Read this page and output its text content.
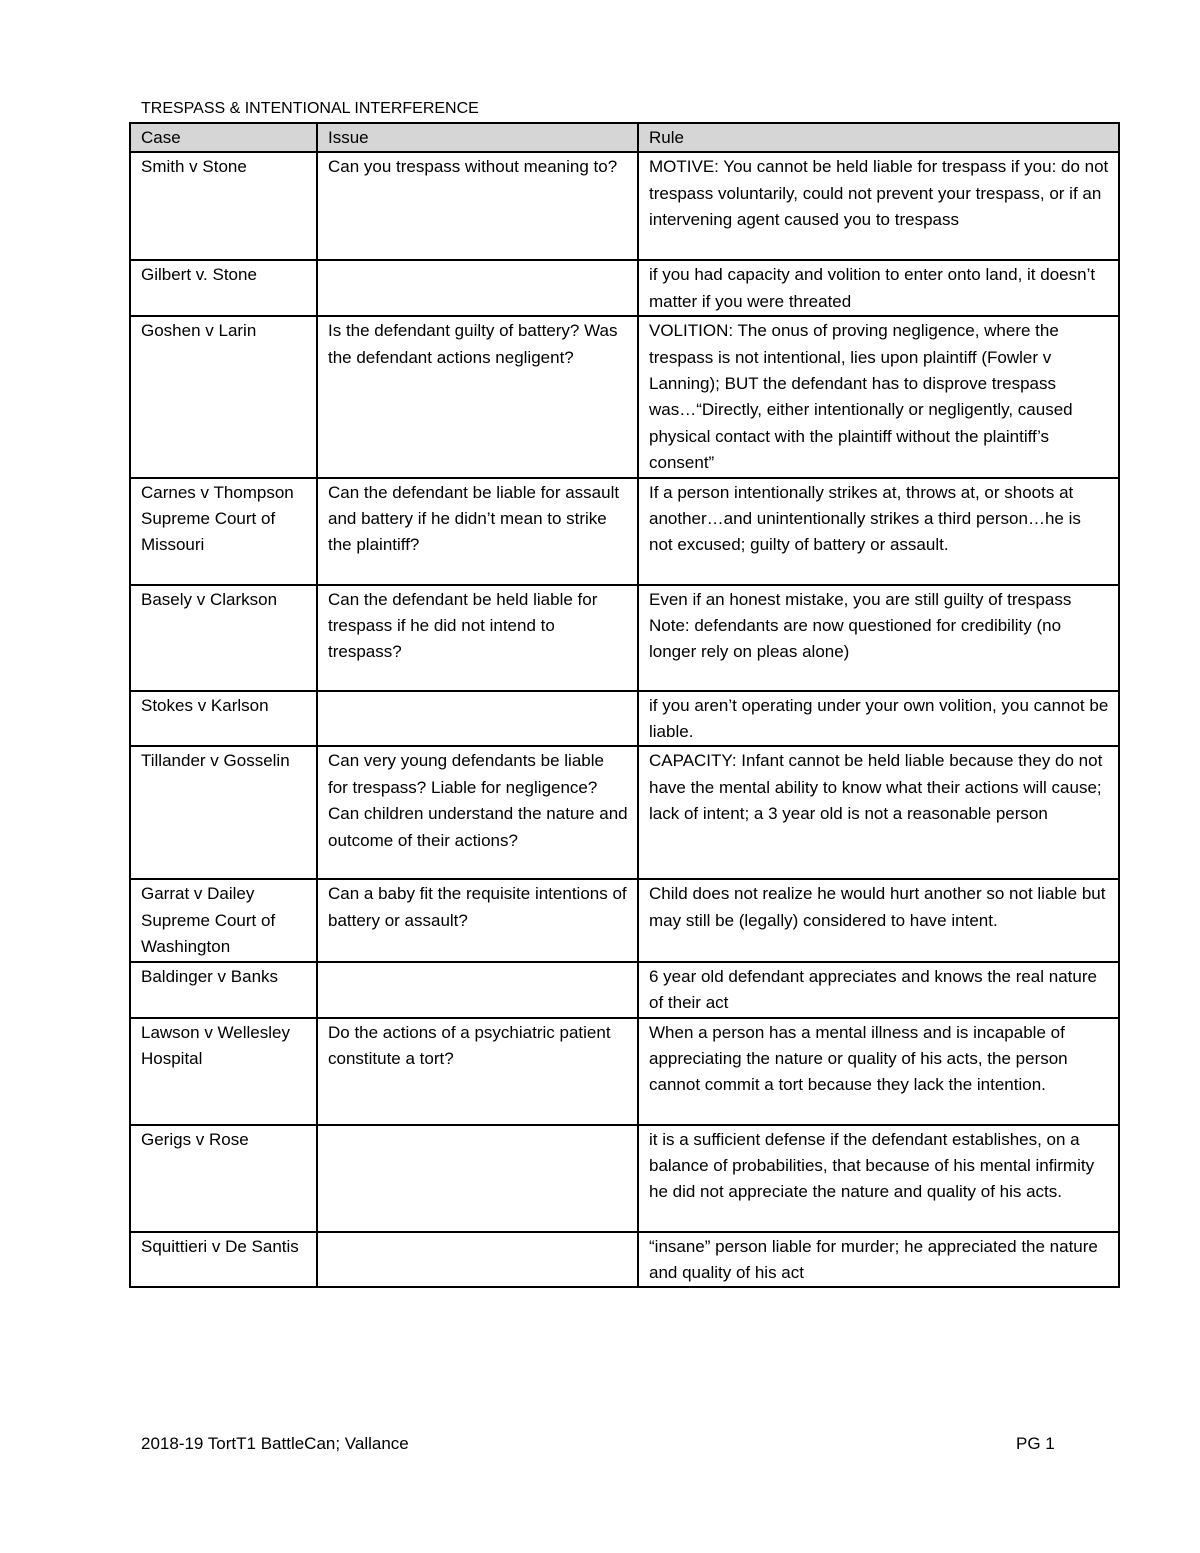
TRESPASS & INTENTIONAL INTERFERENCE
Case	Issue	Rule

Smith v Stone	Can you trespass without meaning to?	MOTIVE: You cannot be held liable for trespass if you: do not trespass voluntarily, could not prevent your trespass, or if an intervening agent caused you to trespass

Gilbert v. Stone		if you had capacity and volition to enter onto land, it doesn’t matter if you were threated

Goshen v Larin	Is the defendant guilty of battery? Was the defendant actions negligent?	VOLITION: The onus of proving negligence, where the trespass is not intentional, lies upon plaintiff (Fowler v Lanning); BUT the defendant has to disprove trespass was…“Directly, either intentionally or negligently, caused physical contact with the plaintiff without the plaintiff’s consent”

Carnes v Thompson Supreme Court of Missouri	Can the defendant be liable for assault and battery if he didn’t mean to strike the plaintiff?	If a person intentionally strikes at, throws at, or shoots at another…and unintentionally strikes a third person…he is not excused; guilty of battery or assault.

Basely v Clarkson	Can the defendant be held liable for trespass if he did not intend to trespass?	Even if an honest mistake, you are still guilty of trespass
Note: defendants are now questioned for credibility (no longer rely on pleas alone)

Stokes v Karlson		if you aren’t operating under your own volition, you cannot be liable.

Tillander v Gosselin	Can very young defendants be liable for trespass? Liable for negligence? Can children understand the nature and outcome of their actions?	CAPACITY: Infant cannot be held liable because they do not have the mental ability to know what their actions will cause; lack of intent; a 3 year old is not a reasonable person

Garrat v Dailey Supreme Court of Washington	Can a baby fit the requisite intentions of battery or assault?	Child does not realize he would hurt another so not liable but may still be (legally) considered to have intent.

Baldinger v Banks		6 year old defendant appreciates and knows the real nature of their act

Lawson v Wellesley Hospital	Do the actions of a psychiatric patient constitute a tort?	When a person has a mental illness and is incapable of appreciating the nature or quality of his acts, the person cannot commit a tort because they lack the intention.

Gerigs v Rose		it is a sufficient defense if the defendant establishes, on a balance of probabilities, that because of his mental infirmity he did not appreciate the nature and quality of his acts.

Squittieri v De Santis		“insane” person liable for murder; he appreciated the nature and quality of his act
2018-19 TortT1 BattleCan; Vallance	PG 1
